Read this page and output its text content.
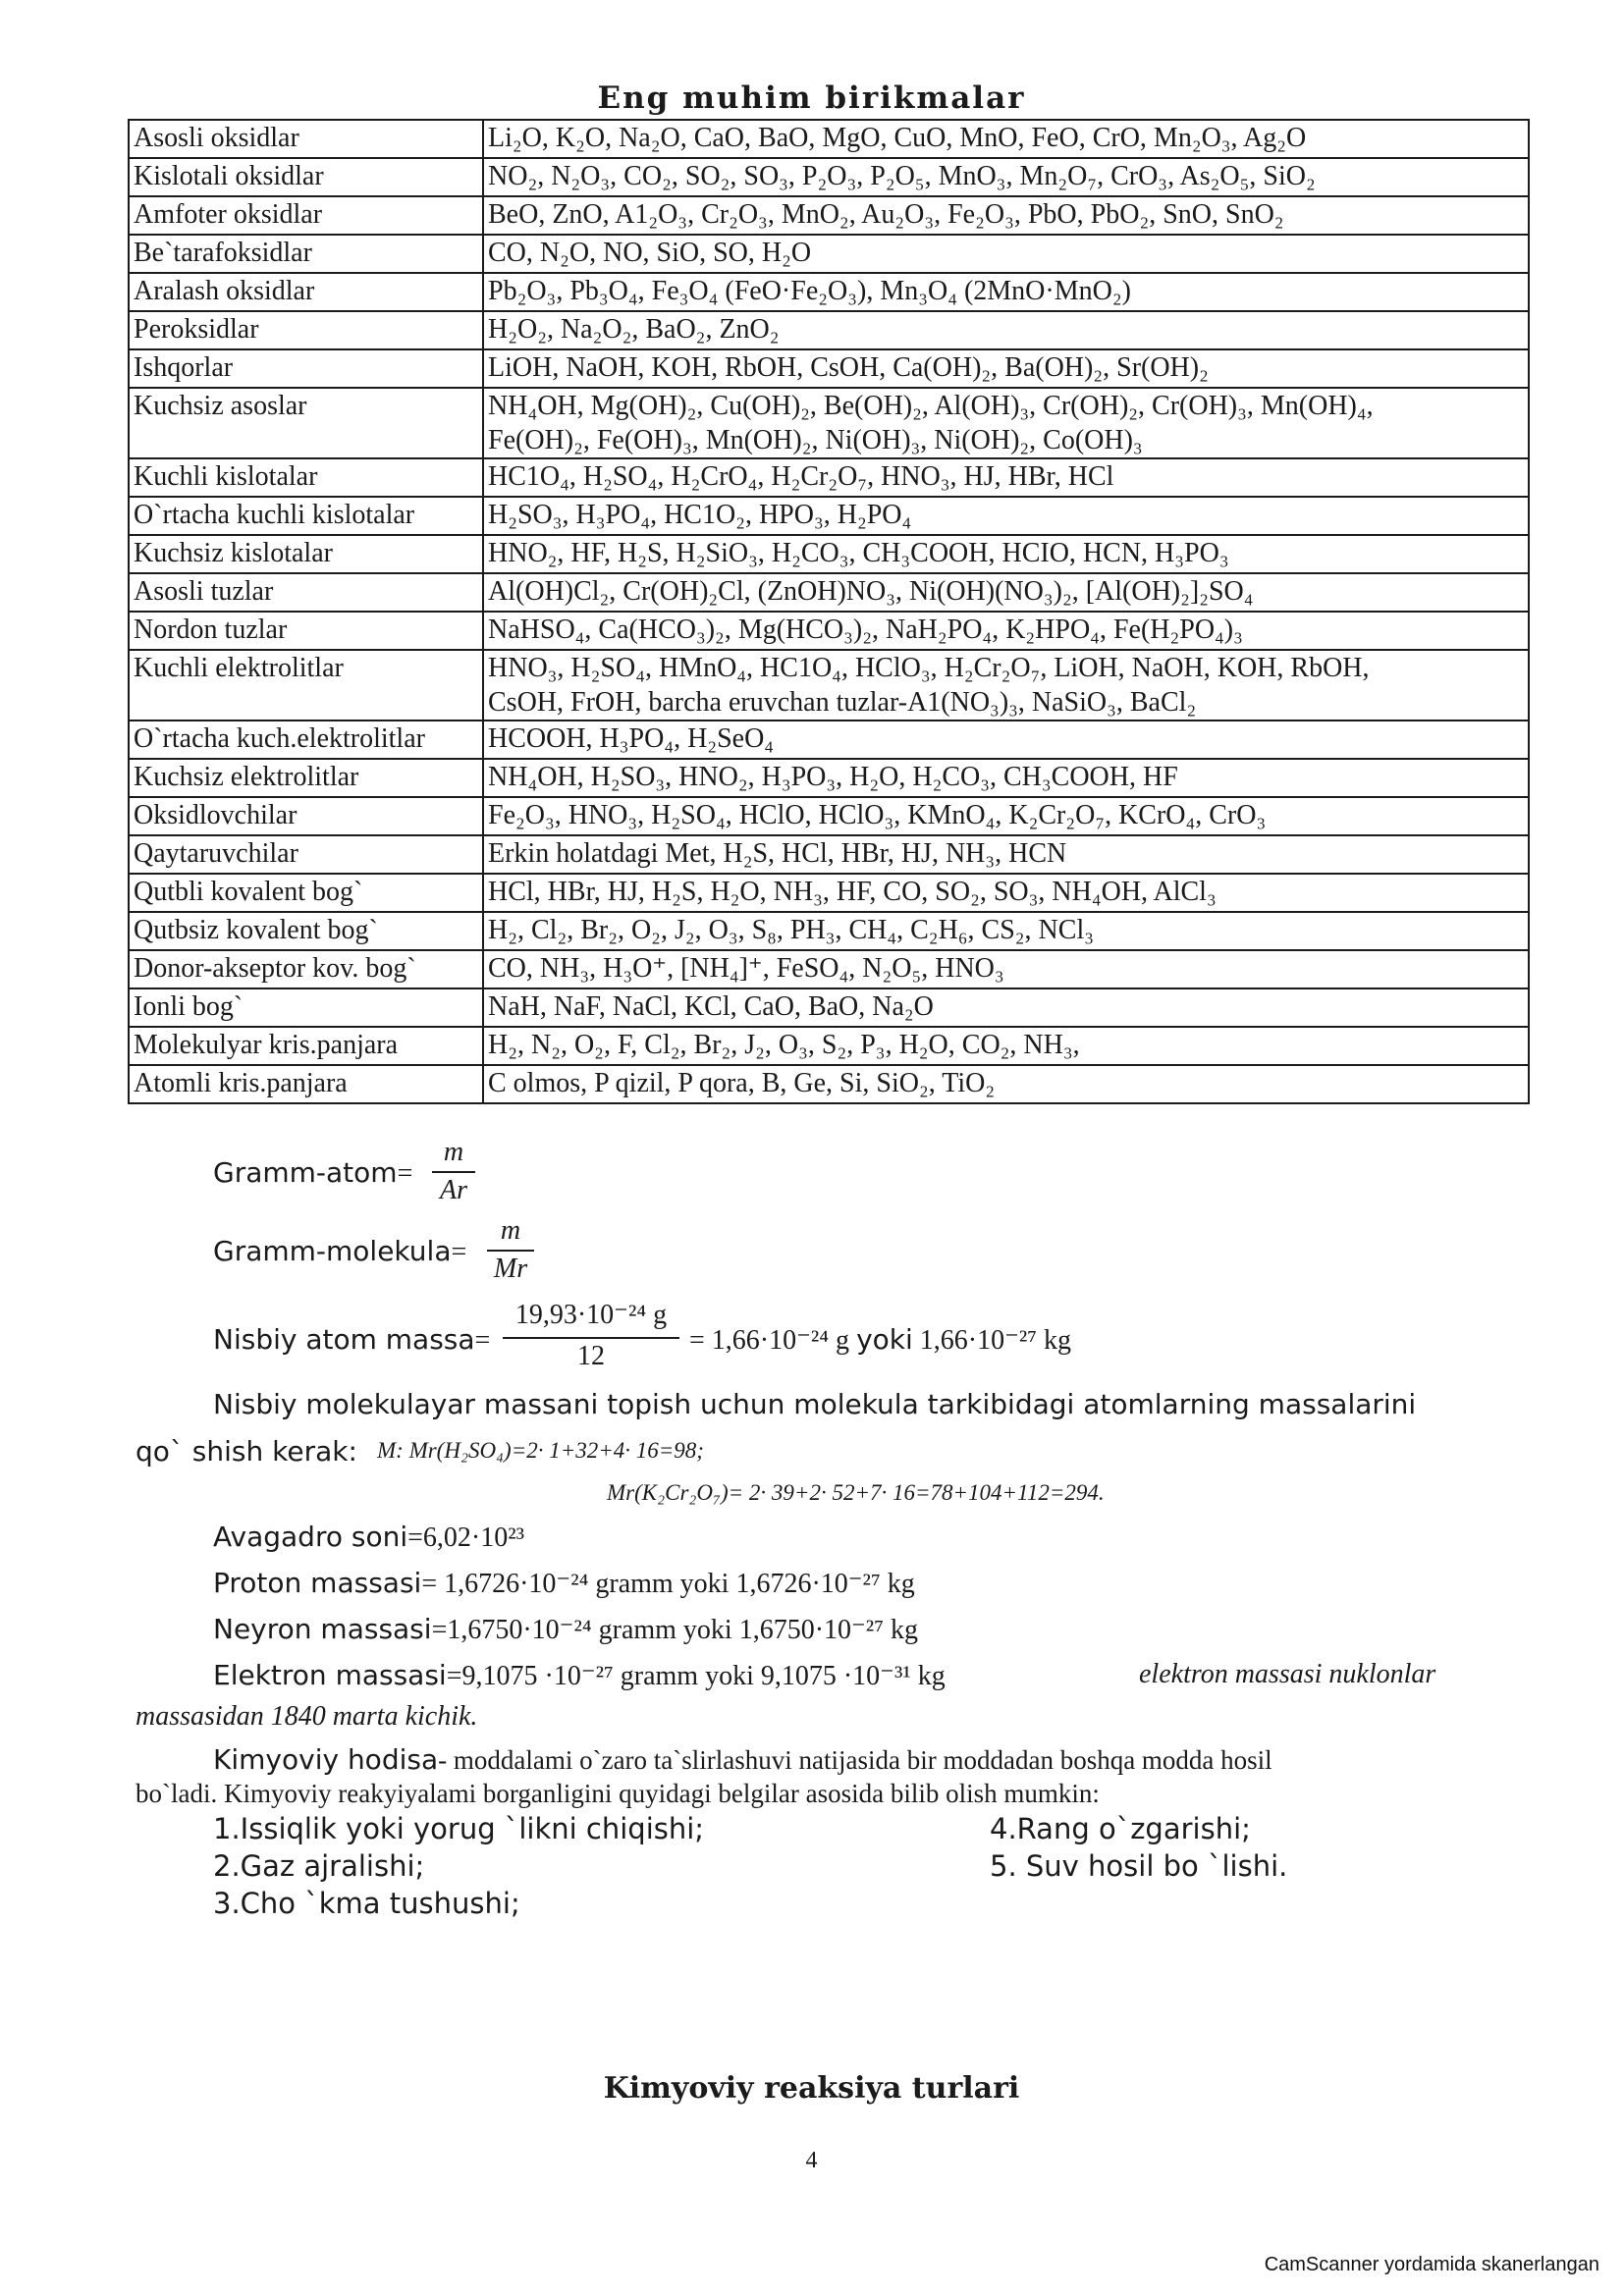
Eng muhim birikmalar
Asosli oksidlar	Li₂O, K₂O, Na₂O, CaO, BaO, MgO, CuO, MnO, FeO, CrO, Mn₂O₃, Ag₂O

Kislotali oksidlar	NO₂, N₂O₃, CO₂, SO₂, SO₃, P₂O₃, P₂O₅, MnO₃, Mn₂O₇, CrO₃, As₂O₅, SiO₂

Amfoter oksidlar	BeO, ZnO, A1₂O₃, Cr₂O₃, MnO₂, Au₂O₃, Fe₂O₃, PbO, PbO₂, SnO, SnO₂

Be`tarafoksidlar	CO, N₂O, NO, SiO, SO, H₂O

Aralash oksidlar	Pb₂O₃, Pb₃O₄, Fe₃O₄ (FeO·Fe₂O₃), Mn₃O₄ (2MnO·MnO₂)

Peroksidlar	H₂O₂, Na₂O₂, BaO₂, ZnO₂

Ishqorlar	LiOH, NaOH, KOH, RbOH, CsOH, Ca(OH)₂, Ba(OH)₂, Sr(OH)₂

Kuchsiz asoslar	NH₄OH, Mg(OH)₂, Cu(OH)₂, Be(OH)₂, Al(OH)₃, Cr(OH)₂, Cr(OH)₃, Mn(OH)₄,
Fe(OH)₂, Fe(OH)₃, Mn(OH)₂, Ni(OH)₃, Ni(OH)₂, Co(OH)₃

Kuchli kislotalar	HC1O₄, H₂SO₄, H₂CrO₄, H₂Cr₂O₇, HNO₃, HJ, HBr, HCl

O`rtacha kuchli kislotalar	H₂SO₃, H₃PO₄, HC1O₂, HPO₃, H₂PO₄

Kuchsiz kislotalar	HNO₂, HF, H₂S, H₂SiO₃, H₂CO₃, CH₃COOH, HCIO, HCN, H₃PO₃

Asosli tuzlar	Al(OH)Cl₂, Cr(OH)₂Cl, (ZnOH)NO₃, Ni(OH)(NO₃)₂, [Al(OH)₂]₂SO₄

Nordon tuzlar	NaHSO₄, Ca(HCO₃)₂, Mg(HCO₃)₂, NaH₂PO₄, K₂HPO₄, Fe(H₂PO₄)₃

Kuchli elektrolitlar	HNO₃, H₂SO₄, HMnO₄, HC1O₄, HClO₃, H₂Cr₂O₇, LiOH, NaOH, KOH, RbOH,
CsOH, FrOH, barcha eruvchan tuzlar-A1(NO₃)₃, NaSiO₃, BaCl₂

O`rtacha kuch.elektrolitlar	HCOOH, H₃PO₄, H₂SeO₄

Kuchsiz elektrolitlar	NH₄OH, H₂SO₃, HNO₂, H₃PO₃, H₂O, H₂CO₃, CH₃COOH, HF

Oksidlovchilar	Fe₂O₃, HNO₃, H₂SO₄, HClO, HClO₃, KMnO₄, K₂Cr₂O₇, KCrO₄, CrO₃

Qaytaruvchilar	Erkin holatdagi Met, H₂S, HCl, HBr, HJ, NH₃, HCN

Qutbli kovalent bog`	HCl, HBr, HJ, H₂S, H₂O, NH₃, HF, CO, SO₂, SO₃, NH₄OH, AlCl₃

Qutbsiz kovalent bog`	H₂, Cl₂, Br₂, O₂, J₂, O₃, S₈, PH₃, CH₄, C₂H₆, CS₂, NCl₃

Donor-akseptor kov. bog`	CO, NH₃, H₃O⁺, [NH₄]⁺, FeSO₄, N₂O₅, HNO₃

Ionli bog`	NaH, NaF, NaCl, KCl, CaO, BaO, Na₂O

Molekulyar kris.panjara	H₂, N₂, O₂, F, Cl₂, Br₂, J₂, O₃, S₂, P₃, H₂O, CO₂, NH₃,

Atomli kris.panjara	C olmos, P qizil, P qora, B, Ge, Si, SiO₂, TiO₂
Gramm-atom=
m
Ar
Gramm-molekula=
m
Mr
Nisbiy atom massa=
19,93·10⁻²⁴ g
12
= 1,66·10⁻²⁴ g yoki 1,66·10⁻²⁷ kg
Nisbiy molekulayar massani topish uchun molekula tarkibidagi atomlarning massalarini
qo` shish kerak: M: Mr(H₂SO₄)=2· 1+32+4· 16=98;
Mr(K₂Cr₂O₇)= 2· 39+2· 52+7· 16=78+104+112=294.
Avagadro soni=6,02·10²³
Proton massasi= 1,6726·10⁻²⁴ gramm yoki 1,6726·10⁻²⁷ kg
Neyron massasi=1,6750·10⁻²⁴ gramm yoki 1,6750·10⁻²⁷ kg
Elektron massasi=9,1075 ·10⁻²⁷ gramm yoki 9,1075 ·10⁻³¹ kg	elektron massasi nuklonlar
massasidan 1840 marta kichik.
Kimyoviy hodisa- moddalami o`zaro ta`slirlashuvi natijasida bir moddadan boshqa modda hosil
bo`ladi. Kimyoviy reakyiyalami borganligini quyidagi belgilar asosida bilib olish mumkin:
1.Issiqlik yoki yorug `likni chiqishi;
2.Gaz ajralishi;
3.Cho `kma tushushi;
4.Rang o`zgarishi;
5. Suv hosil bo `lishi.
Kimyoviy reaksiya turlari
4
CamScanner yordamida skanerlangan
